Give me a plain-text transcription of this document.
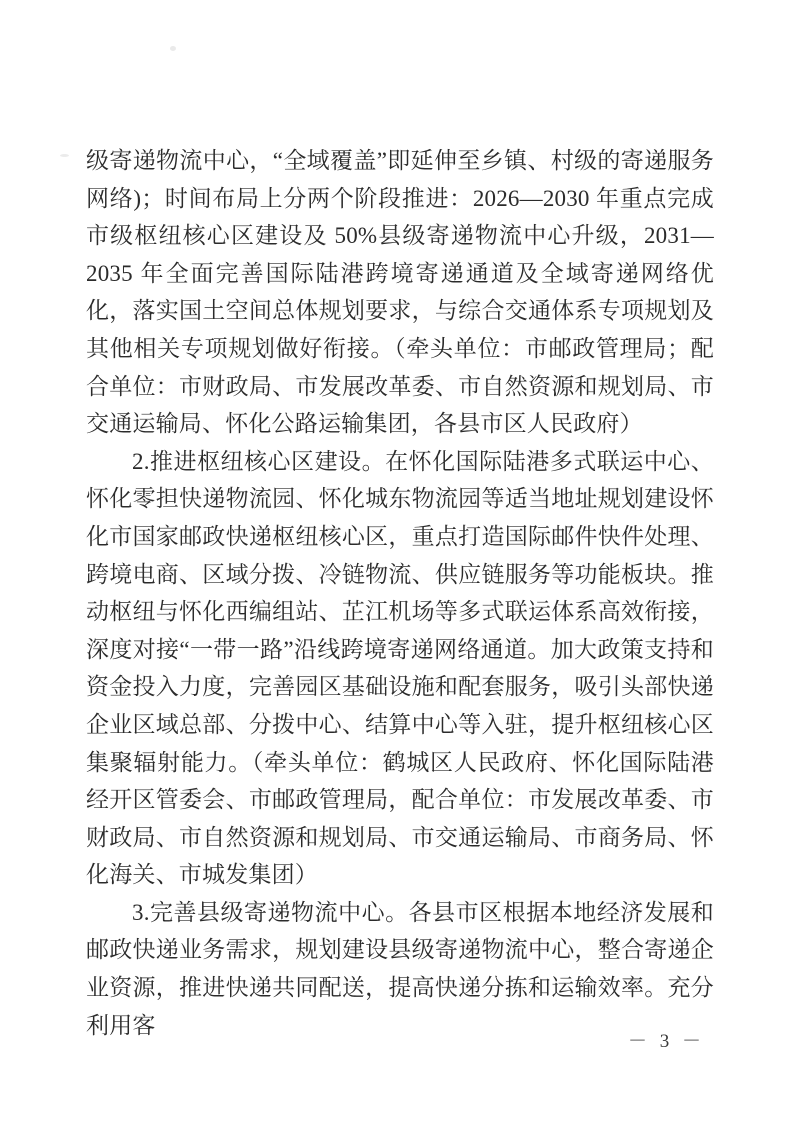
级寄递物流中心，“全域覆盖”即延伸至乡镇、村级的寄递服务网络)；时间布局上分两个阶段推进：2026—2030 年重点完成市级枢纽核心区建设及 50%县级寄递物流中心升级，2031—2035 年全面完善国际陆港跨境寄递通道及全域寄递网络优化，落实国土空间总体规划要求，与综合交通体系专项规划及其他相关专项规划做好衔接。（牵头单位：市邮政管理局；配合单位：市财政局、市发展改革委、市自然资源和规划局、市交通运输局、怀化公路运输集团，各县市区人民政府）

2.推进枢纽核心区建设。在怀化国际陆港多式联运中心、怀化零担快递物流园、怀化城东物流园等适当地址规划建设怀化市国家邮政快递枢纽核心区，重点打造国际邮件快件处理、跨境电商、区域分拨、冷链物流、供应链服务等功能板块。推动枢纽与怀化西编组站、芷江机场等多式联运体系高效衔接，深度对接“一带一路”沿线跨境寄递网络通道。加大政策支持和资金投入力度，完善园区基础设施和配套服务，吸引头部快递企业区域总部、分拨中心、结算中心等入驻，提升枢纽核心区集聚辐射能力。（牵头单位：鹤城区人民政府、怀化国际陆港经开区管委会、市邮政管理局，配合单位：市发展改革委、市财政局、市自然资源和规划局、市交通运输局、市商务局、怀化海关、市城发集团）

3.完善县级寄递物流中心。各县市区根据本地经济发展和邮政快递业务需求，规划建设县级寄递物流中心，整合寄递企业资源，推进快递共同配送，提高快递分拣和运输效率。充分利用客

－ 3 －
